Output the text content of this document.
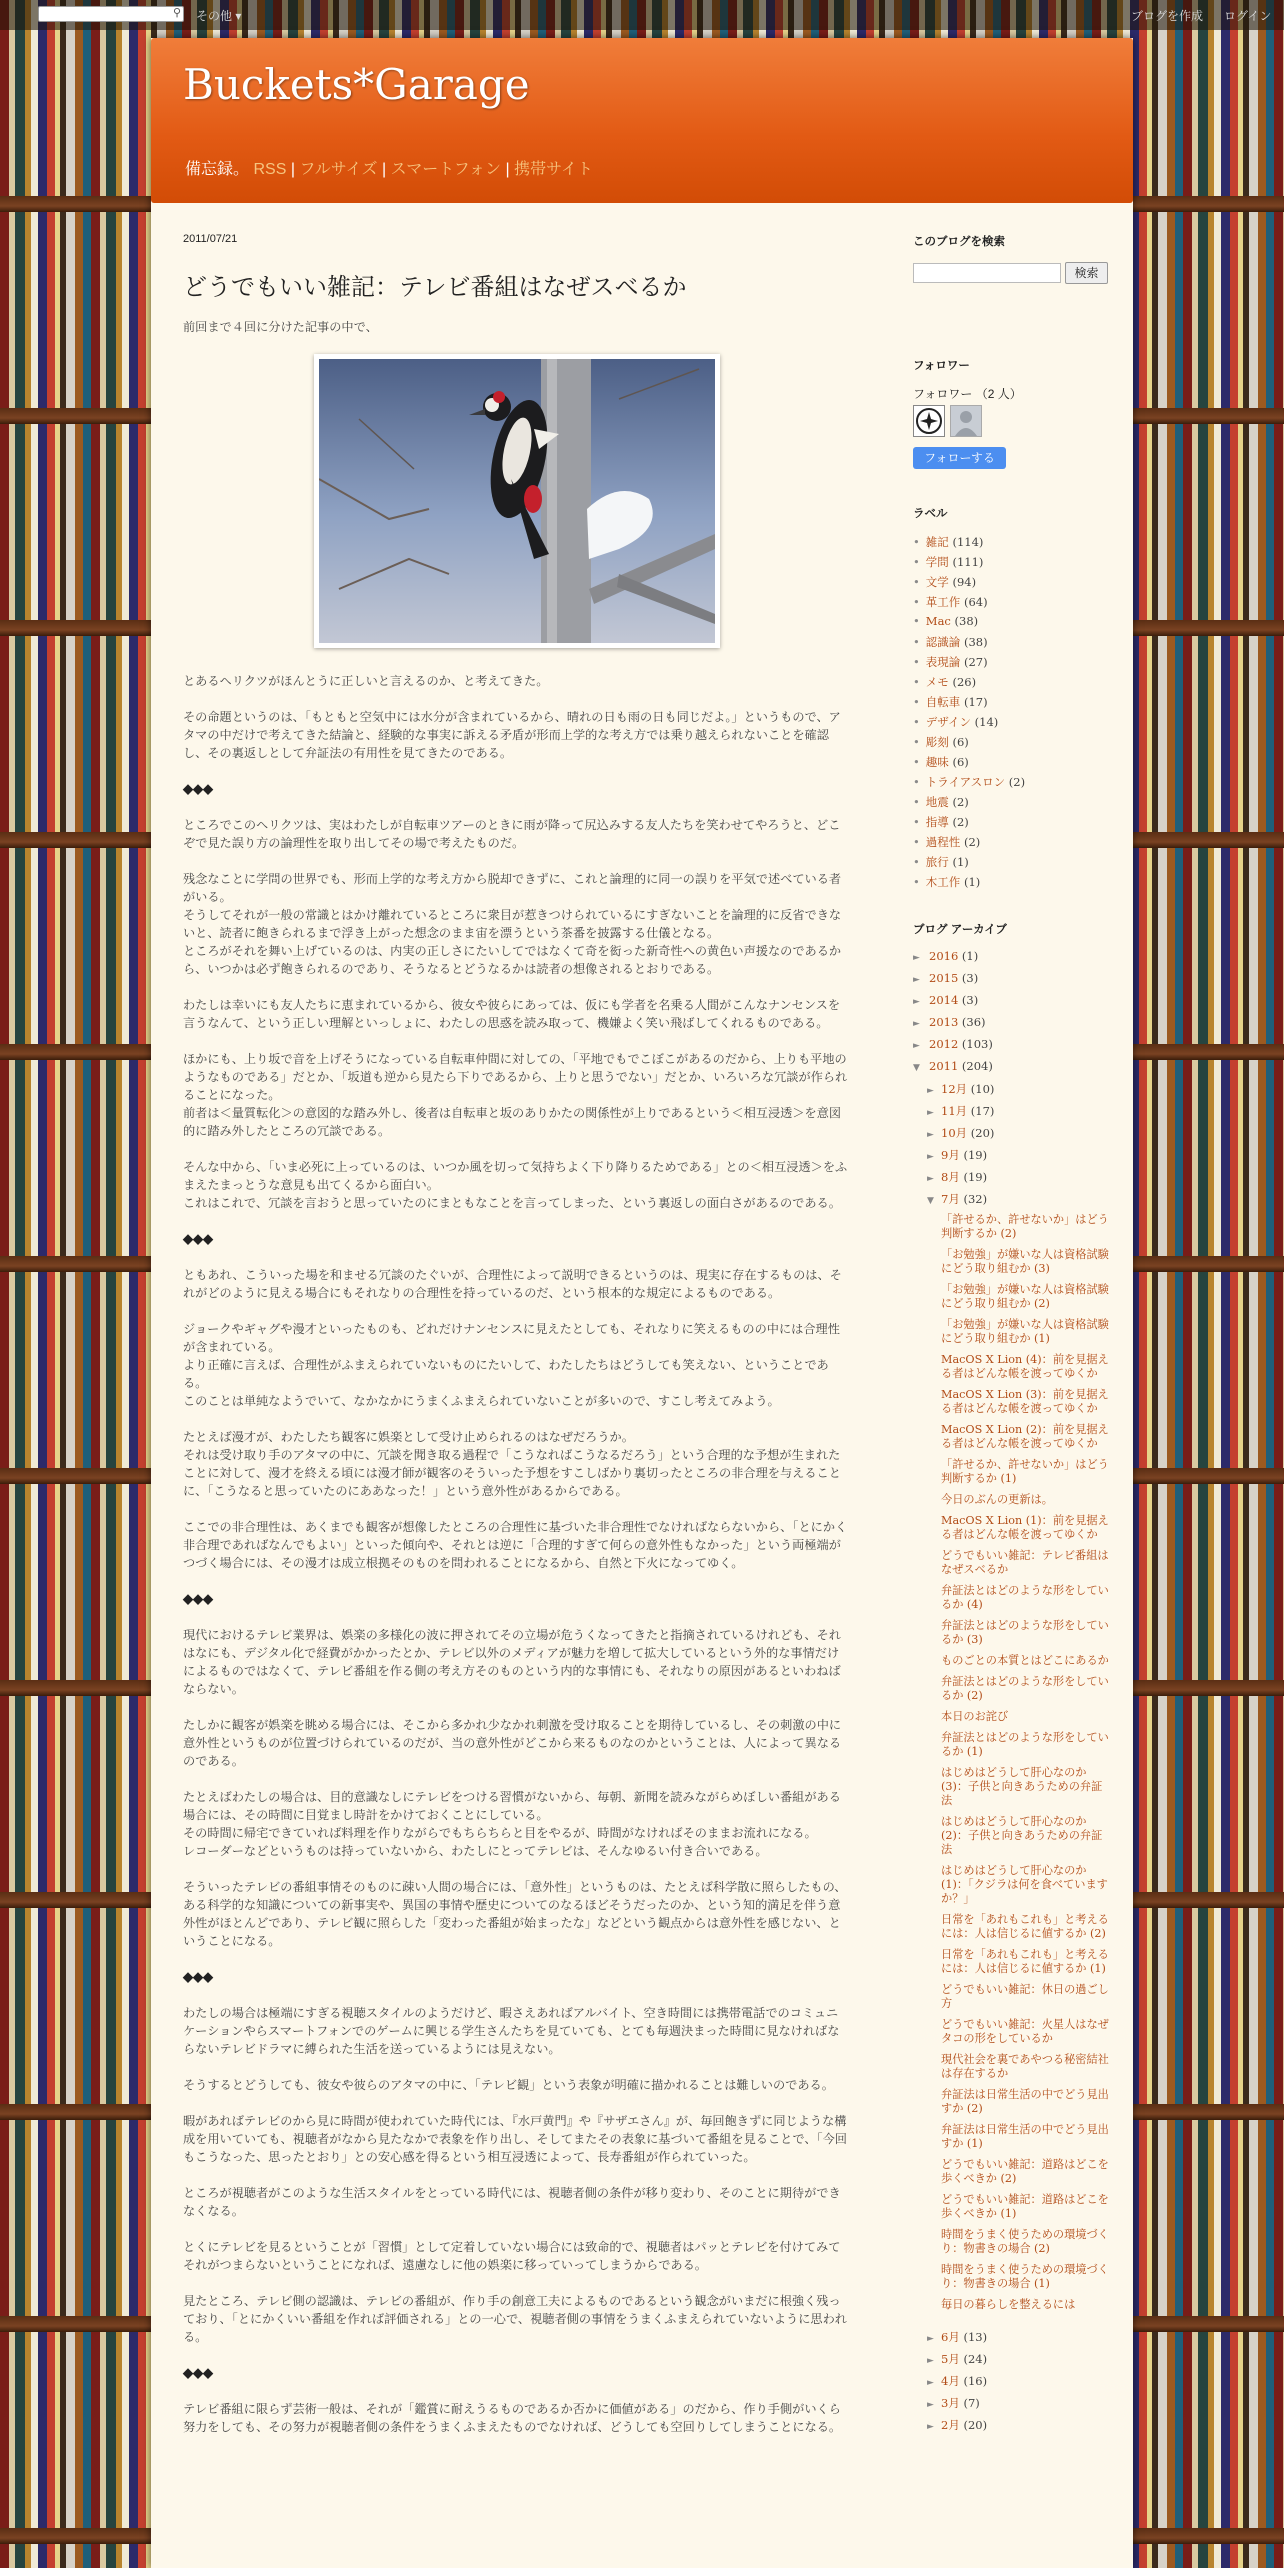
⚲ その他 ▾	ブログを作成 ログイン
Buckets*Garage
備忘録。 RSS | フルサイズ | スマートフォン | 携帯サイト
2011/07/21
どうでもいい雑記：テレビ番組はなぜスベるか

前回まで４回に分けた記事の中で、

とあるヘリクツがほんとうに正しいと言えるのか、と考えてきた。

その命題というのは、「もともと空気中には水分が含まれているから、晴れの日も雨の日も同じだよ。」というもので、アタマの中だけで考えてきた結論と、経験的な事実に訴える矛盾が形而上学的な考え方では乗り越えられないことを確認し、その裏返しとして弁証法の有用性を見てきたのである。

◆◆◆

ところでこのヘリクツは、実はわたしが自転車ツアーのときに雨が降って尻込みする友人たちを笑わせてやろうと、どこぞで見た誤り方の論理性を取り出してその場で考えたものだ。

残念なことに学問の世界でも、形而上学的な考え方から脱却できずに、これと論理的に同一の誤りを平気で述べている者がいる。
そうしてそれが一般の常識とはかけ離れているところに衆目が惹きつけられているにすぎないことを論理的に反省できないと、読者に飽きられるまで浮き上がった想念のまま宙を漂うという茶番を披露する仕儀となる。
ところがそれを舞い上げているのは、内実の正しさにたいしてではなくて奇を衒った新奇性への黄色い声援なのであるから、いつかは必ず飽きられるのであり、そうなるとどうなるかは読者の想像されるとおりである。

わたしは幸いにも友人たちに恵まれているから、彼女や彼らにあっては、仮にも学者を名乗る人間がこんなナンセンスを言うなんて、という正しい理解といっしょに、わたしの思惑を読み取って、機嫌よく笑い飛ばしてくれるものである。

ほかにも、上り坂で音を上げそうになっている自転車仲間に対しての、「平地でもでこぼこがあるのだから、上りも平地のようなものである」だとか、「坂道も逆から見たら下りであるから、上りと思うでない」だとか、いろいろな冗談が作られることになった。
前者は＜量質転化＞の意図的な踏み外し、後者は自転車と坂のありかたの関係性が上りであるという＜相互浸透＞を意図的に踏み外したところの冗談である。

そんな中から、「いま必死に上っているのは、いつか風を切って気持ちよく下り降りるためである」との＜相互浸透＞をふまえたまっとうな意見も出てくるから面白い。
これはこれで、冗談を言おうと思っていたのにまともなことを言ってしまった、という裏返しの面白さがあるのである。

◆◆◆

ともあれ、こういった場を和ませる冗談のたぐいが、合理性によって説明できるというのは、現実に存在するものは、それがどのように見える場合にもそれなりの合理性を持っているのだ、という根本的な規定によるものである。

ジョークやギャグや漫才といったものも、どれだけナンセンスに見えたとしても、それなりに笑えるものの中には合理性が含まれている。
より正確に言えば、合理性がふまえられていないものにたいして、わたしたちはどうしても笑えない、ということである。
このことは単純なようでいて、なかなかにうまくふまえられていないことが多いので、すこし考えてみよう。

たとえば漫才が、わたしたち観客に娯楽として受け止められるのはなぜだろうか。
それは受け取り手のアタマの中に、冗談を聞き取る過程で「こうなればこうなるだろう」という合理的な予想が生まれたことに対して、漫才を終える頃には漫才師が観客のそういった予想をすこしばかり裏切ったところの非合理を与えることに、「こうなると思っていたのにああなった！」という意外性があるからである。

ここでの非合理性は、あくまでも観客が想像したところの合理性に基づいた非合理性でなければならないから、「とにかく非合理であればなんでもよい」といった傾向や、それとは逆に「合理的すぎて何らの意外性もなかった」という両極端がつづく場合には、その漫才は成立根拠そのものを問われることになるから、自然と下火になってゆく。

◆◆◆

現代におけるテレビ業界は、娯楽の多様化の波に押されてその立場が危うくなってきたと指摘されているけれども、それはなにも、デジタル化で経費がかかったとか、テレビ以外のメディアが魅力を増して拡大しているという外的な事情だけによるものではなくて、テレビ番組を作る側の考え方そのものという内的な事情にも、それなりの原因があるといわねばならない。

たしかに観客が娯楽を眺める場合には、そこから多かれ少なかれ刺激を受け取ることを期待しているし、その刺激の中に意外性というものが位置づけられているのだが、当の意外性がどこから来るものなのかということは、人によって異なるのである。

たとえばわたしの場合は、目的意識なしにテレビをつける習慣がないから、毎朝、新聞を読みながらめぼしい番組がある場合には、その時間に目覚まし時計をかけておくことにしている。
その時間に帰宅できていれば料理を作りながらでもちらちらと目をやるが、時間がなければそのままお流れになる。
レコーダーなどというものは持っていないから、わたしにとってテレビは、そんなゆるい付き合いである。

そういったテレビの番組事情そのものに疎い人間の場合には、「意外性」というものは、たとえば科学散に照らしたもの、ある科学的な知識についての新事実や、異国の事情や歴史についてのなるほどそうだったのか、という知的満足を伴う意外性がほとんどであり、テレビ観に照らした「変わった番組が始まったな」などという観点からは意外性を感じない、ということになる。

◆◆◆

わたしの場合は極端にすぎる視聴スタイルのようだけど、暇さえあればアルバイト、空き時間には携帯電話でのコミュニケーションやらスマートフォンでのゲームに興じる学生さんたちを見ていても、とても毎週決まった時間に見なければならないテレビドラマに縛られた生活を送っているようには見えない。

そうするとどうしても、彼女や彼らのアタマの中に、「テレビ観」という表象が明確に描かれることは難しいのである。

暇があればテレビのから見に時間が使われていた時代には、『水戸黄門』や『サザエさん』が、毎回飽きずに同じような構成を用いていても、視聴者がなから見たなかで表象を作り出し、そしてまたその表象に基づいて番組を見ることで、「今回もこうなった、思ったとおり」との安心感を得るという相互浸透によって、長寿番組が作られていった。

ところが視聴者がこのような生活スタイルをとっている時代には、視聴者側の条件が移り変わり、そのことに期待ができなくなる。

とくにテレビを見るということが「習慣」として定着していない場合には致命的で、視聴者はパッとテレビを付けてみてそれがつまらないということになれば、遠慮なしに他の娯楽に移っていってしまうからである。

見たところ、テレビ側の認識は、テレビの番組が、作り手の創意工夫によるものであるという観念がいまだに根強く残っており、「とにかくいい番組を作れば評価される」との一心で、視聴者側の事情をうまくふまえられていないように思われる。

◆◆◆

テレビ番組に限らず芸術一般は、それが「鑑賞に耐えうるものであるか否かに価値がある」のだから、作り手側がいくら努力をしても、その努力が視聴者側の条件をうまくふまえたものでなければ、どうしても空回りしてしまうことになる。

このブログを検索
検索
フォロワー
フォロワー （2 人）
フォローする
ラベル
• 雑記 (114)
• 学問 (111)
• 文学 (94)
• 革工作 (64)
• Mac (38)
• 認識論 (38)
• 表現論 (27)
• メモ (26)
• 自転車 (17)
• デザイン (14)
• 彫刻 (6)
• 趣味 (6)
• トライアスロン (2)
• 地震 (2)
• 指導 (2)
• 過程性 (2)
• 旅行 (1)
• 木工作 (1)
ブログ アーカイブ
► 2016 (1)
► 2015 (3)
► 2014 (3)
► 2013 (36)
► 2012 (103)
▼ 2011 (204)
► 12月 (10)
► 11月 (17)
► 10月 (20)
► 9月 (19)
► 8月 (19)
▼ 7月 (32)
「許せるか、許せないか」はどう判断するか (2)
「お勉強」が嫌いな人は資格試験にどう取り組むか (3)
「お勉強」が嫌いな人は資格試験にどう取り組むか (2)
「お勉強」が嫌いな人は資格試験にどう取り組むか (1)
MacOS X Lion (4)：前を見据える者はどんな帳を渡ってゆくか
MacOS X Lion (3)：前を見据える者はどんな帳を渡ってゆくか
MacOS X Lion (2)：前を見据える者はどんな帳を渡ってゆくか
「許せるか、許せないか」はどう判断するか (1)
今日のぶんの更新は。
MacOS X Lion (1)：前を見据える者はどんな帳を渡ってゆくか
どうでもいい雑記：テレビ番組はなぜスベるか
弁証法とはどのような形をしているか (4)
弁証法とはどのような形をしているか (3)
ものごとの本質とはどこにあるか
弁証法とはどのような形をしているか (2)
本日のお詫び
弁証法とはどのような形をしているか (1)
はじめはどうして肝心なのか (3)：子供と向きあうための弁証法
はじめはどうして肝心なのか (2)：子供と向きあうための弁証法
はじめはどうして肝心なのか (1)：「クジラは何を食べていますか？」
日常を「あれもこれも」と考えるには：人は信じるに値するか (2)
日常を「あれもこれも」と考えるには：人は信じるに値するか (1)
どうでもいい雑記：休日の過ごし方
どうでもいい雑記：火星人はなぜタコの形をしているか
現代社会を裏であやつる秘密結社は存在するか
弁証法は日常生活の中でどう見出すか (2)
弁証法は日常生活の中でどう見出すか (1)
どうでもいい雑記：道路はどこを歩くべきか (2)
どうでもいい雑記：道路はどこを歩くべきか (1)
時間をうまく使うための環境づくり：物書きの場合 (2)
時間をうまく使うための環境づくり：物書きの場合 (1)
毎日の暮らしを整えるには
► 6月 (13)
► 5月 (24)
► 4月 (16)
► 3月 (7)
► 2月 (20)
